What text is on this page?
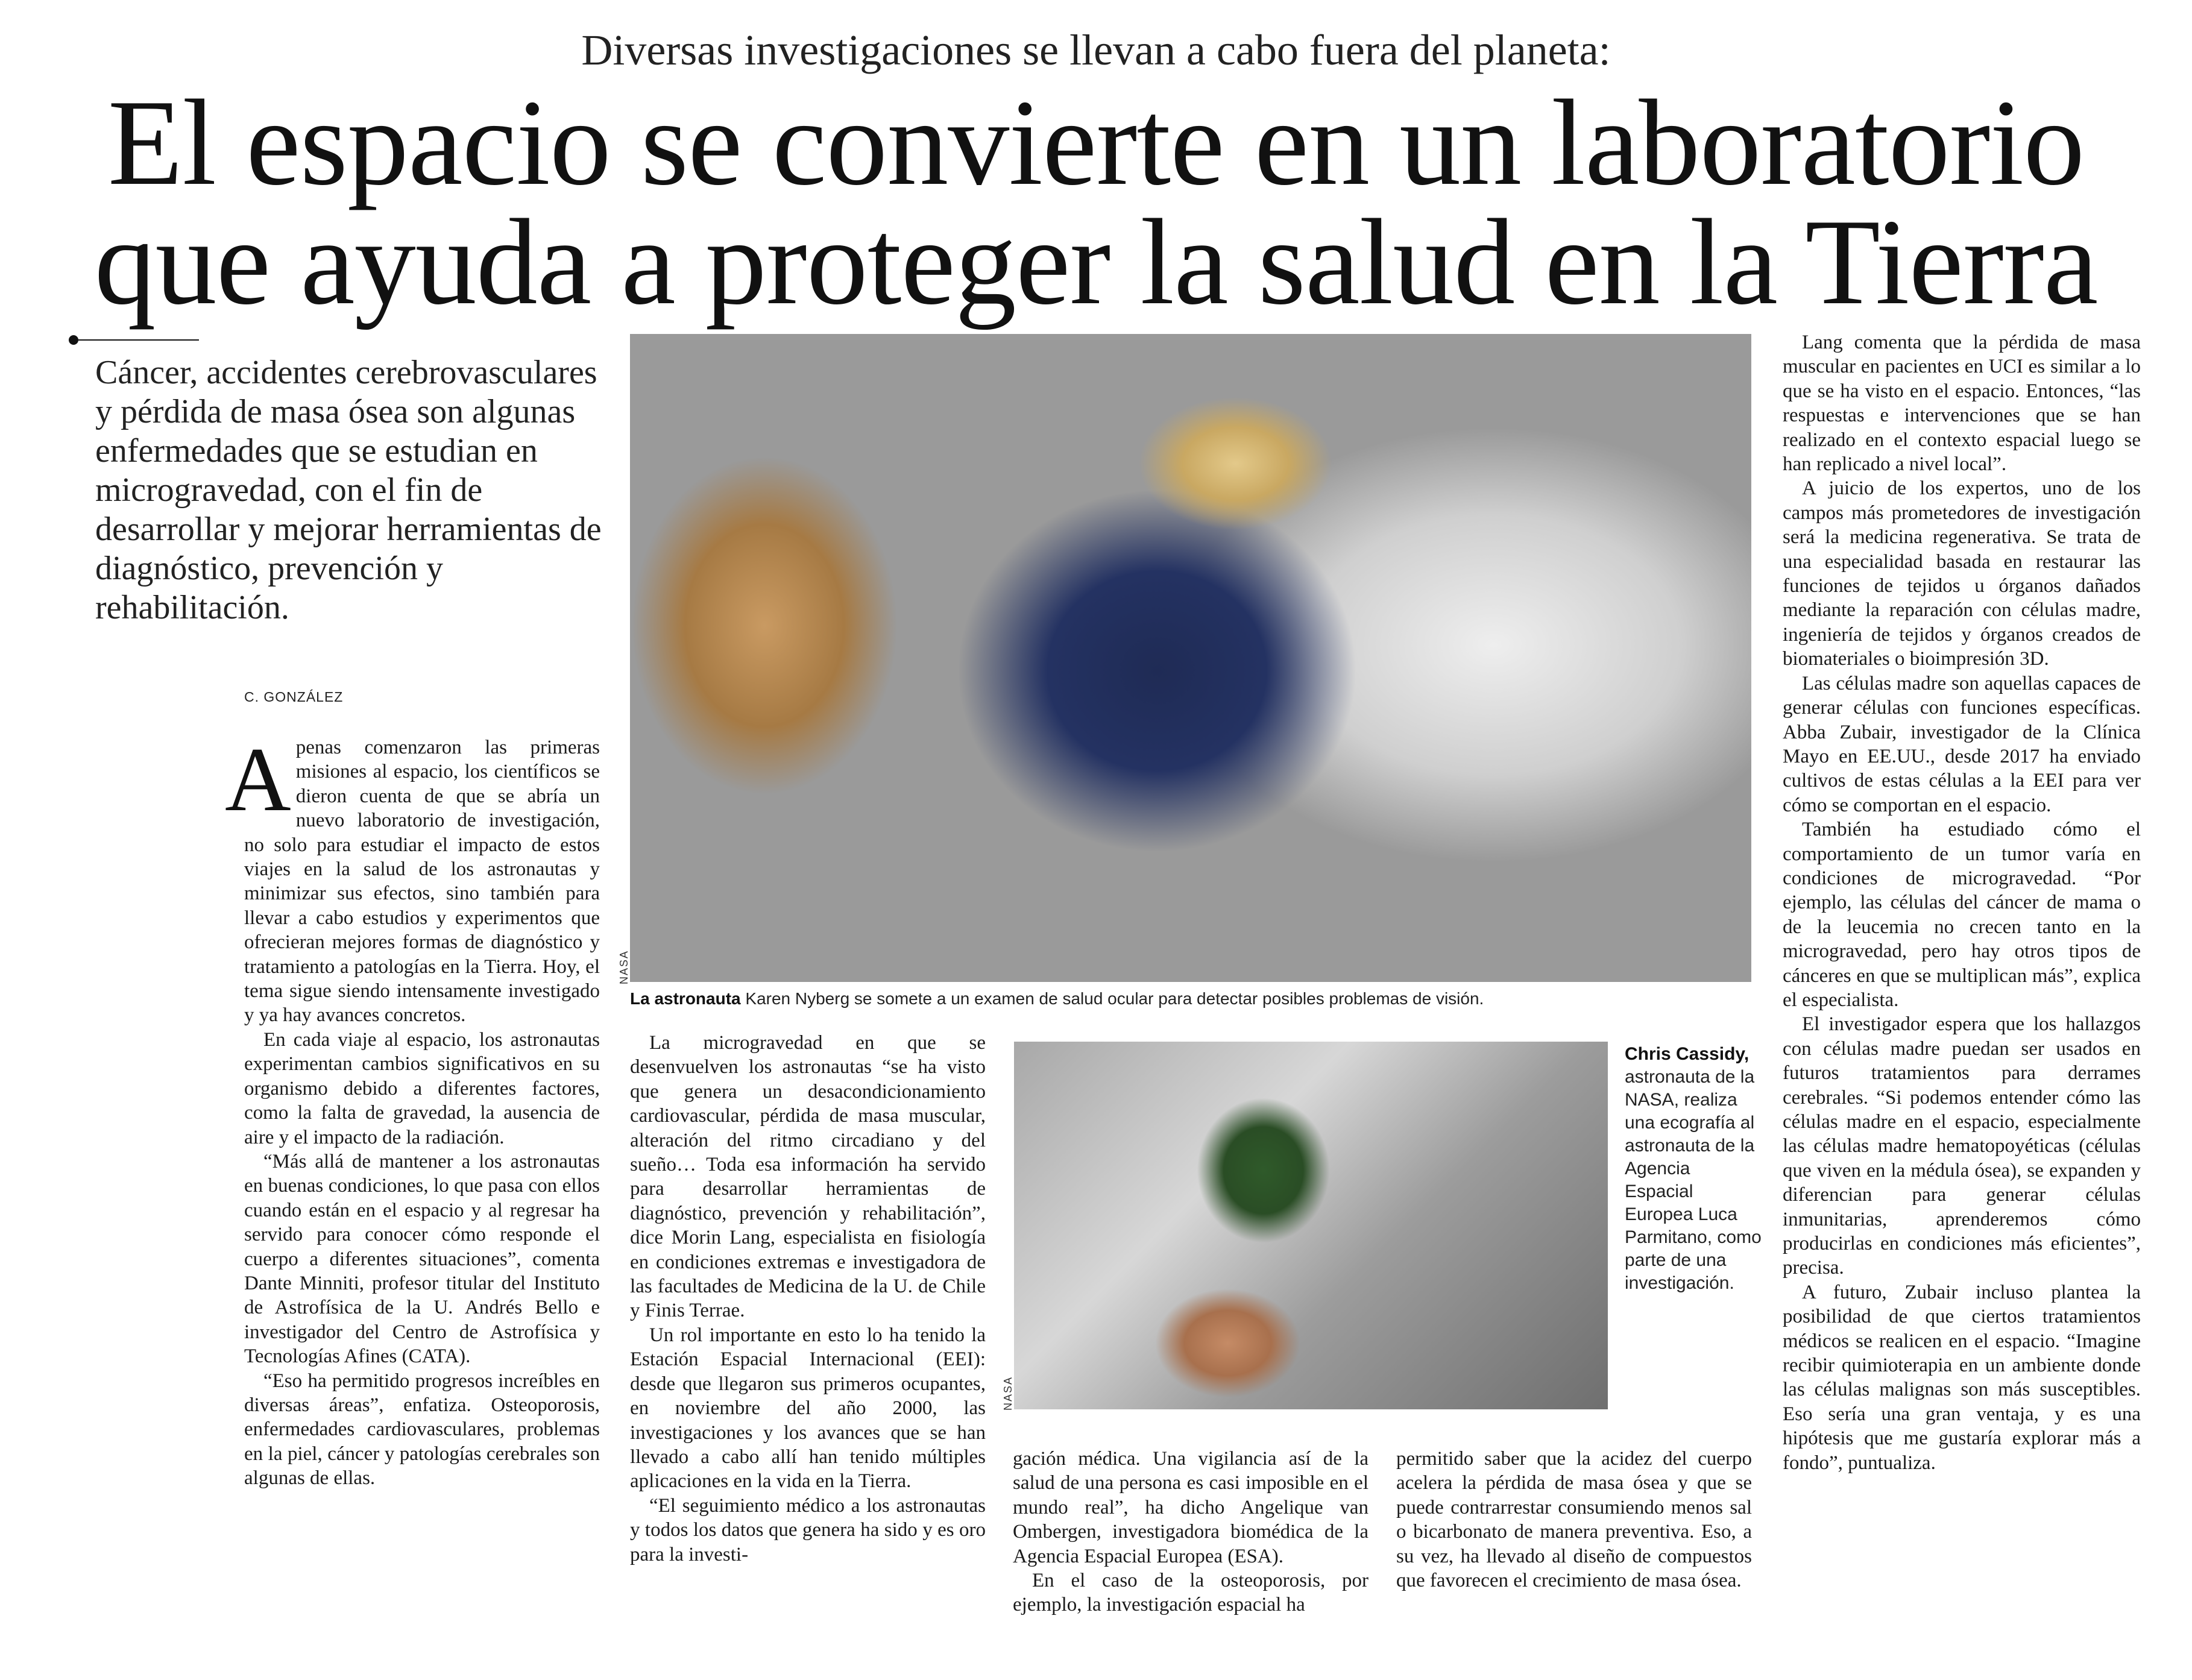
Diversas investigaciones se llevan a cabo fuera del planeta:
El espacio se convierte en un laboratorio
que ayuda a proteger la salud en la Tierra
Cáncer, accidentes cerebrovasculares y pérdida de masa ósea son algunas enfermedades que se estudian en microgravedad, con el fin de desarrollar y mejorar herramientas de diagnóstico, prevención y rehabilitación.
C. GONZÁLEZ

Apenas comenzaron las primeras misiones al espacio, los científicos se dieron cuenta de que se abría un nuevo laboratorio de investigación, no solo para estudiar el impacto de estos viajes en la salud de los astronautas y minimizar sus efectos, sino también para llevar a cabo estudios y experimentos que ofrecieran mejores formas de diagnóstico y tratamiento a patologías en la Tierra. Hoy, el tema sigue siendo intensamente investigado y ya hay avances concretos.

En cada viaje al espacio, los astronautas experimentan cambios significativos en su organismo debido a diferentes factores, como la falta de gravedad, la ausencia de aire y el impacto de la radiación.

“Más allá de mantener a los astronautas en buenas condiciones, lo que pasa con ellos cuando están en el espacio y al regresar ha servido para conocer cómo responde el cuerpo a diferentes situaciones”, comenta Dante Minniti, profesor titular del Instituto de Astrofísica de la U. Andrés Bello e investigador del Centro de Astrofísica y Tecnologías Afines (CATA).

“Eso ha permitido progresos increíbles en diversas áreas”, enfatiza. Osteoporosis, enfermedades cardiovasculares, problemas en la piel, cáncer y patologías cerebrales son algunas de ellas.

NASA
La astronauta Karen Nyberg se somete a un examen de salud ocular para detectar posibles problemas de visión.

La microgravedad en que se desenvuelven los astronautas “se ha visto que genera un desacondicionamiento cardiovascular, pérdida de masa muscular, alteración del ritmo circadiano y del sueño… Toda esa información ha servido para desarrollar herramientas de diagnóstico, prevención y rehabilitación”, dice Morin Lang, especialista en fisiología en condiciones extremas e investigadora de las facultades de Medicina de la U. de Chile y Finis Terrae.

Un rol importante en esto lo ha tenido la Estación Espacial Internacional (EEI): desde que llegaron sus primeros ocupantes, en noviembre del año 2000, las investigaciones y los avances que se han llevado a cabo allí han tenido múltiples aplicaciones en la vida en la Tierra.

“El seguimiento médico a los astronautas y todos los datos que genera ha sido y es oro para la investi-

NASA
Chris Cassidy, astronauta de la NASA, realiza una ecografía al astronauta de la Agencia Espacial Europea Luca Parmitano, como parte de una investigación.

gación médica. Una vigilancia así de la salud de una persona es casi imposible en el mundo real”, ha dicho Angelique van Ombergen, investigadora biomédica de la Agencia Espacial Europea (ESA).

En el caso de la osteoporosis, por ejemplo, la investigación espacial ha

permitido saber que la acidez del cuerpo acelera la pérdida de masa ósea y que se puede contrarrestar consumiendo menos sal o bicarbonato de manera preventiva. Eso, a su vez, ha llevado al diseño de compuestos que favorecen el crecimiento de masa ósea.

Lang comenta que la pérdida de masa muscular en pacientes en UCI es similar a lo que se ha visto en el espacio. Entonces, “las respuestas e intervenciones que se han realizado en el contexto espacial luego se han replicado a nivel local”.

A juicio de los expertos, uno de los campos más prometedores de investigación será la medicina regenerativa. Se trata de una especialidad basada en restaurar las funciones de tejidos u órganos dañados mediante la reparación con células madre, ingeniería de tejidos y órganos creados de biomateriales o bioimpresión 3D.

Las células madre son aquellas capaces de generar células con funciones específicas. Abba Zubair, investigador de la Clínica Mayo en EE.UU., desde 2017 ha enviado cultivos de estas células a la EEI para ver cómo se comportan en el espacio.

También ha estudiado cómo el comportamiento de un tumor varía en condiciones de microgravedad. “Por ejemplo, las células del cáncer de mama o de la leucemia no crecen tanto en la microgravedad, pero hay otros tipos de cánceres en que se multiplican más”, explica el especialista.

El investigador espera que los hallazgos con células madre puedan ser usados en futuros tratamientos para derrames cerebrales. “Si podemos entender cómo las células madre en el espacio, especialmente las células madre hematopoyéticas (células que viven en la médula ósea), se expanden y diferencian para generar células inmunitarias, aprenderemos cómo producirlas en condiciones más eficientes”, precisa.

A futuro, Zubair incluso plantea la posibilidad de que ciertos tratamientos médicos se realicen en el espacio. “Imagine recibir quimioterapia en un ambiente donde las células malignas son más susceptibles. Eso sería una gran ventaja, y es una hipótesis que me gustaría explorar más a fondo”, puntualiza.
